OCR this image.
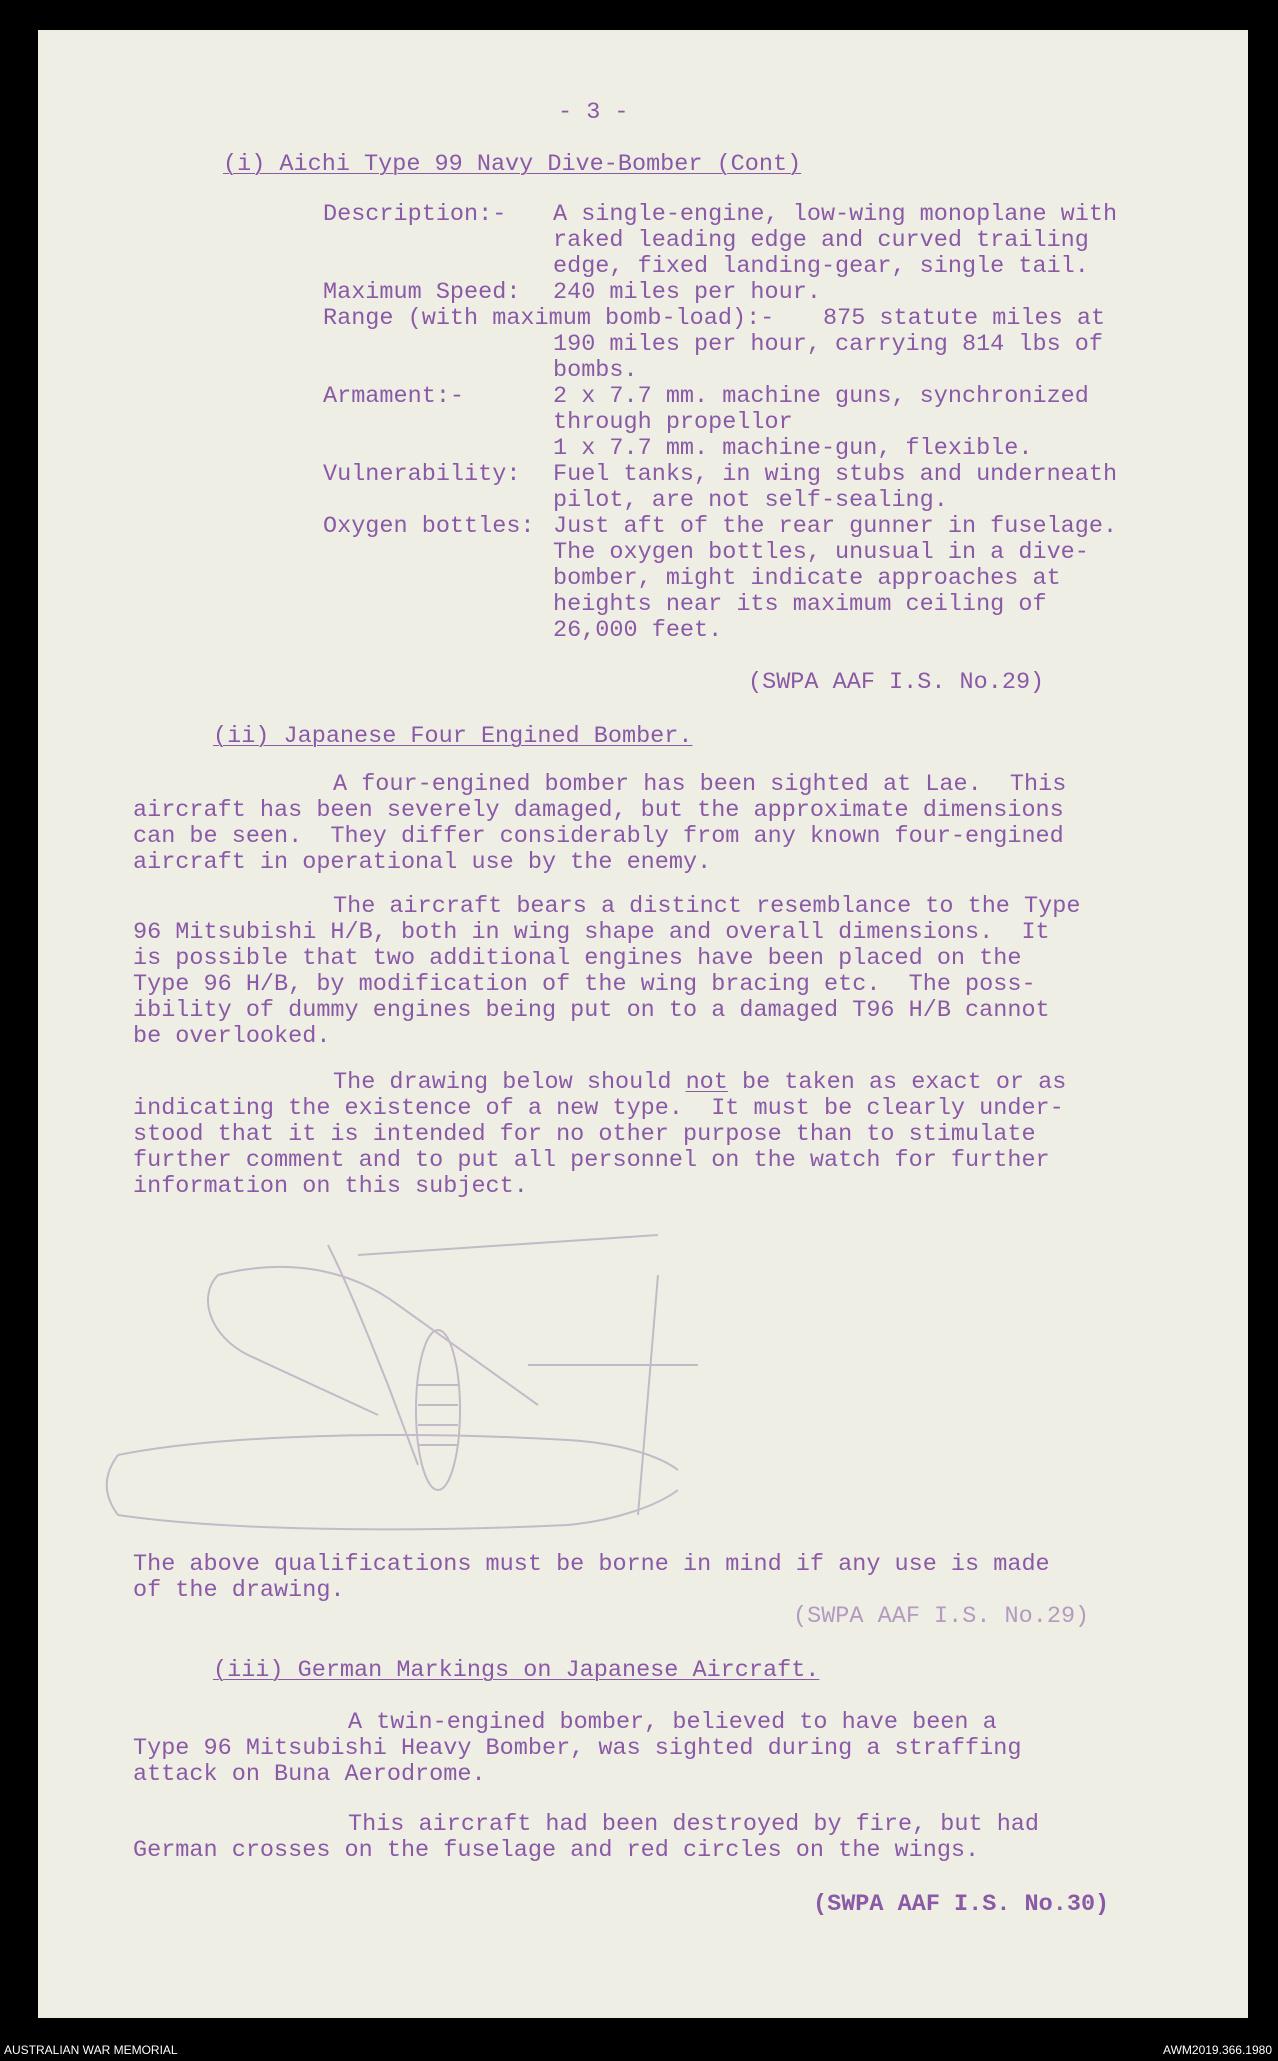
- 3 -
(i) Aichi Type 99 Navy Dive-Bomber (Cont)
Description:-	A single-engine, low-wing monoplane with
raked leading edge and curved trailing
edge, fixed landing-gear, single tail.
Maximum Speed:	240 miles per hour.
Range (with maximum bomb-load):- 875 statute miles at
190 miles per hour, carrying 814 lbs of
bombs.
Armament:-	2 x 7.7 mm. machine guns, synchronized
through propellor
1 x 7.7 mm. machine-gun, flexible.
Vulnerability:	Fuel tanks, in wing stubs and underneath
pilot, are not self-sealing.
Oxygen bottles: Just aft of the rear gunner in fuselage.
The oxygen bottles, unusual in a dive-
bomber, might indicate approaches at
heights near its maximum ceiling of
26,000 feet.
(SWPA AAF I.S. No.29)
(ii) Japanese Four Engined Bomber.
A four-engined bomber has been sighted at Lae.  This
aircraft has been severely damaged, but the approximate dimensions
can be seen.  They differ considerably from any known four-engined
aircraft in operational use by the enemy.
The aircraft bears a distinct resemblance to the Type
96 Mitsubishi H/B, both in wing shape and overall dimensions.  It
is possible that two additional engines have been placed on the
Type 96 H/B, by modification of the wing bracing etc.  The poss-
ibility of dummy engines being put on to a damaged T96 H/B cannot
be overlooked.
The drawing below should not be taken as exact or as
indicating the existence of a new type.  It must be clearly under-
stood that it is intended for no other purpose than to stimulate
further comment and to put all personnel on the watch for further
information on this subject.
The above qualifications must be borne in mind if any use is made
of the drawing.
(SWPA AAF I.S. No.29)
(iii) German Markings on Japanese Aircraft.
A twin-engined bomber, believed to have been a
Type 96 Mitsubishi Heavy Bomber, was sighted during a straffing
attack on Buna Aerodrome.
This aircraft had been destroyed by fire, but had
German crosses on the fuselage and red circles on the wings.
(SWPA AAF I.S. No.30)
AUSTRALIAN WAR MEMORIAL	AWM2019.366.1980
